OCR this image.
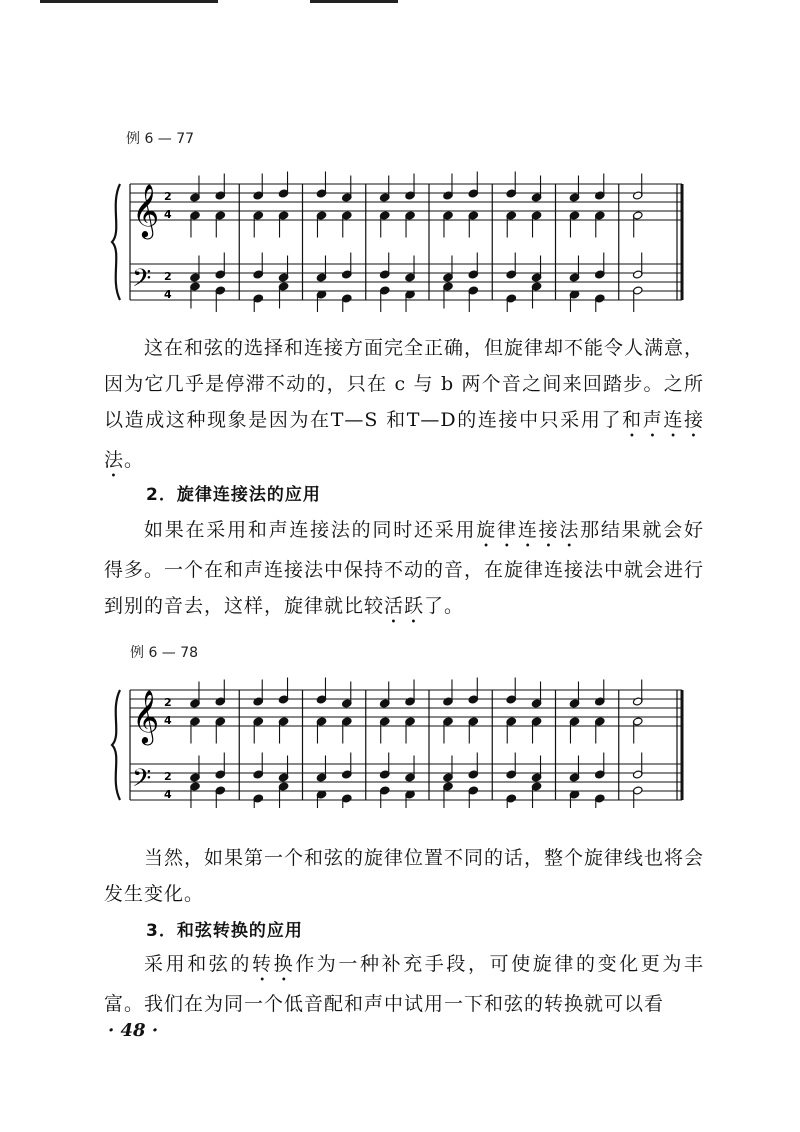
例 6 — 77
𝄞
𝄢
2
4
2
4

这在和弦的选择和连接方面完全正确，但旋律却不能令人满意，因为它几乎是停滞不动的，只在 c 与 b 两个音之间来回踏步。之所以造成这种现象是因为在T—S 和T—D的连接中只采用了和声连接法。

2．旋律连接法的应用

如果在采用和声连接法的同时还采用旋律连接法那结果就会好得多。一个在和声连接法中保持不动的音，在旋律连接法中就会进行到别的音去，这样，旋律就比较活跃了。

例 6 — 78
𝄞
𝄢
2
4
2
4

当然，如果第一个和弦的旋律位置不同的话，整个旋律线也将会发生变化。

3．和弦转换的应用

采用和弦的转换作为一种补充手段，可使旋律的变化更为丰富。我们在为同一个低音配和声中试用一下和弦的转换就可以看

· 48 ·
